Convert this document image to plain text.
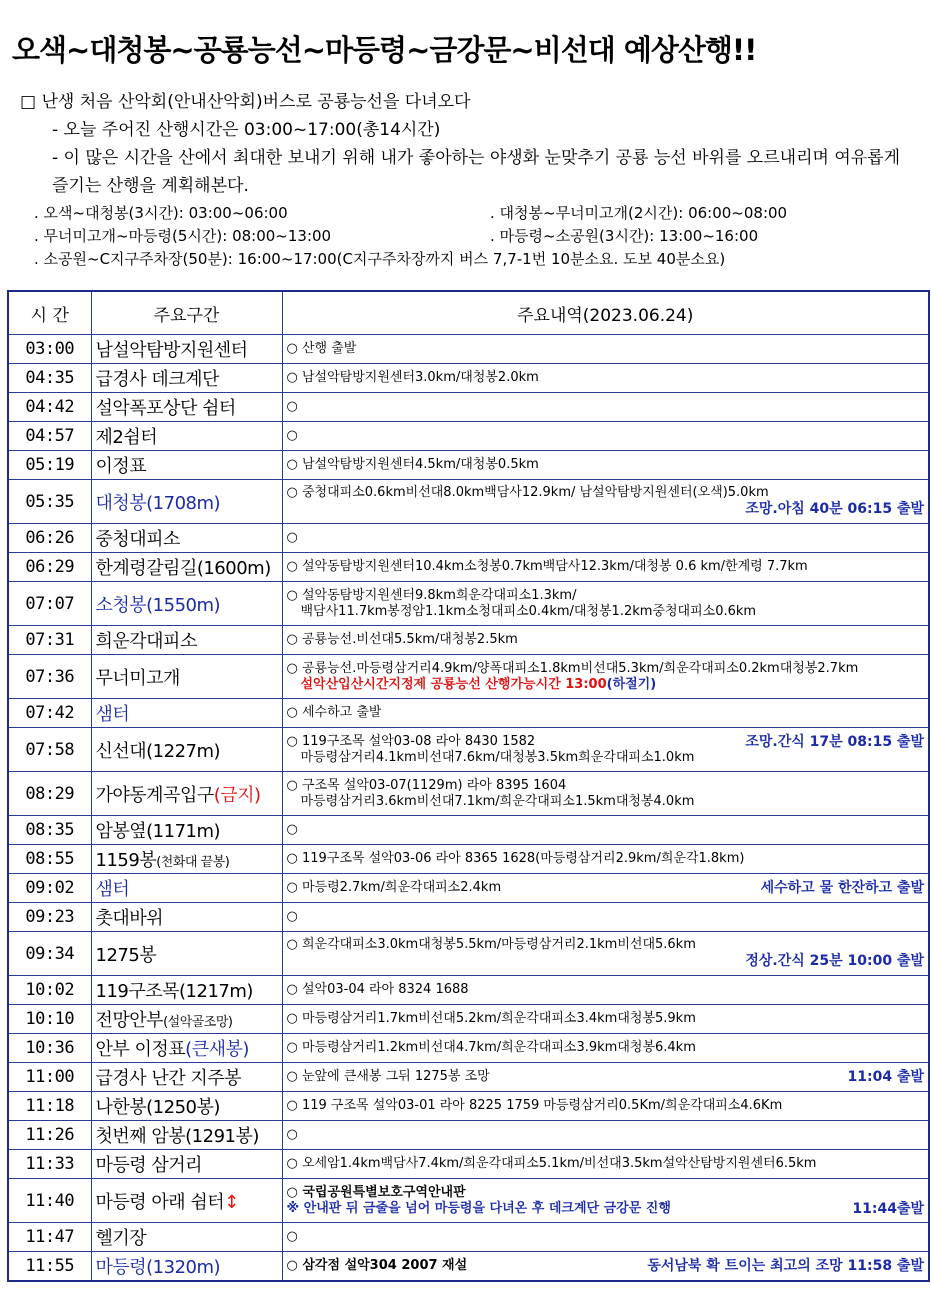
오색~대청봉~공룡능선~마등령~금강문~비선대 예상산행!!
□ 난생 처음 산악회(안내산악회)버스로 공룡능선을 다녀오다
- 오늘 주어진 산행시간은 03:00~17:00(총14시간)
- 이 많은 시간을 산에서 최대한 보내기 위해 내가 좋아하는 야생화 눈맞추기 공룡 능선 바위를 오르내리며 여유롭게 즐기는 산행을 계획해본다.
. 오색~대청봉(3시간): 03:00~06:00	. 대청봉~무너미고개(2시간): 06:00~08:00
. 무너미고개~마등령(5시간): 08:00~13:00	. 마등령~소공원(3시간): 13:00~16:00
. 소공원~C지구주차장(50분): 16:00~17:00(C지구주차장까지 버스 7,7-1번 10분소요. 도보 40분소요)
시 간	주요구간	주요내역(2023.06.24)
03:00	남설악탐방지원센터	○ 산행 출발

04:35	급경사 데크계단	○ 남설악탐방지원센터3.0km/대청봉2.0km

04:42	설악폭포상단 쉼터	○

04:57	제2쉼터	○

05:19	이정표	○ 남설악탐방지원센터4.5km/대청봉0.5km

05:35	대청봉(1708m)	○ 중청대피소0.6km비선대8.0km백담사12.9km/ 남설악탐방지원센터(오색)5.0km
조망.아침 40분 06:15 출발

06:26	중청대피소	○

06:29	한계령갈림길(1600m)	○ 설악동탐방지원센터10.4km소청봉0.7km백담사12.3km/대청봉 0.6 km/한계령 7.7km

07:07	소청봉(1550m)	○ 설악동탐방지원센터9.8km희운각대피소1.3km/
백담사11.7km봉정암1.1km소청대피소0.4km/대청봉1.2km중청대피소0.6km

07:31	희운각대피소	○ 공룡능선.비선대5.5km/대청봉2.5km

07:36	무너미고개	○ 공룡능선.마등령삼거리4.9km/양폭대피소1.8km비선대5.3km/희운각대피소0.2km대청봉2.7km
설악산입산시간지정제 공룡능선 산행가능시간 13:00(하절기)

07:42	샘터	○ 세수하고 출발

07:58	신선대(1227m)	조망.간식 17분 08:15 출발
○ 119구조목 설악03-08 라아 8430 1582
마등령삼거리4.1km비선대7.6km/대청봉3.5km희운각대피소1.0km

08:29	가야동계곡입구(금지)	○ 구조목 설악03-07(1129m) 라아 8395 1604
마등령삼거리3.6km비선대7.1km/희운각대피소1.5km대청봉4.0km

08:35	암봉옆(1171m)	○

08:55	1159봉(천화대 끝봉)	○ 119구조목 설악03-06 라아 8365 1628(마등령삼거리2.9km/희운각1.8km)

09:02	샘터	세수하고 물 한잔하고 출발
○ 마등령2.7km/희운각대피소2.4km

09:23	촛대바위	○

09:34	1275봉	○ 희운각대피소3.0km대청봉5.5km/마등령삼거리2.1km비선대5.6km
정상.간식 25분 10:00 출발

10:02	119구조목(1217m)	○ 설악03-04 라아 8324 1688

10:10	전망안부(설악골조망)	○ 마등령삼거리1.7km비선대5.2km/희운각대피소3.4km대청봉5.9km

10:36	안부 이정표(큰새봉)	○ 마등령삼거리1.2km비선대4.7km/희운각대피소3.9km대청봉6.4km

11:00	급경사 난간 지주봉	11:04 출발
○ 눈앞에 큰새봉 그뒤 1275봉 조망

11:18	나한봉(1250봉)	○ 119 구조목 설악03-01 라아 8225 1759 마등령삼거리0.5Km/희운각대피소4.6Km

11:26	첫번째 암봉(1291봉)	○

11:33	마등령 삼거리	○ 오세암1.4km백담사7.4km/희운각대피소5.1km/비선대3.5km설악산탐방지원센터6.5km

11:40	마등령 아래 쉼터↕	○ 국립공원특별보호구역안내판
11:44출발
※ 안내판 뒤 금줄을 넘어 마등령을 다녀온 후 데크계단 금강문 진행

11:47	헬기장	○

11:55	마등령(1320m)	동서남북 확 트이는 최고의 조망 11:58 출발
○ 삼각점 설악304 2007 재설
